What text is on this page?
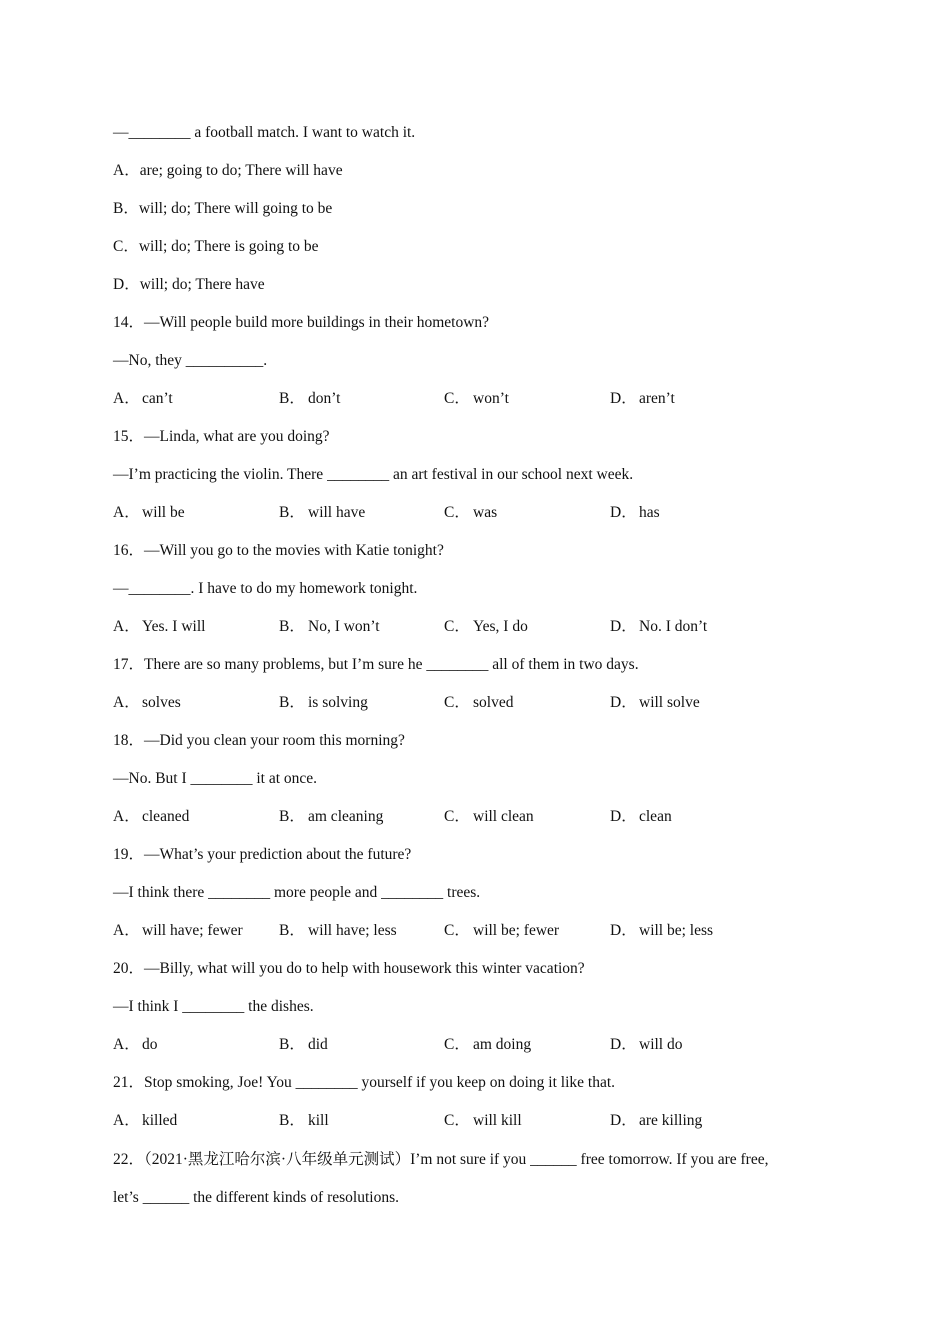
—________ a football match. I want to watch it.
A．are; going to do; There will have
B．will; do; There will going to be
C．will; do; There is going to be
D．will; do; There have
14．—Will people build more buildings in their hometown?
—No, they __________.
A． can’t	B． don’t	C． won’t	D． aren’t
15．—Linda, what are you doing?
—I’m practicing the violin. There ________ an art festival in our school next week.
A． will be	B． will have	C． was	D． has
16．—Will you go to the movies with Katie tonight?
—________. I have to do my homework tonight.
A． Yes. I will	B． No, I won’t	C． Yes, I do	D． No. I don’t
17．There are so many problems, but I’m sure he ________ all of them in two days.
A． solves	B． is solving	C． solved	D． will solve
18．—Did you clean your room this morning?
—No. But I ________ it at once.
A． cleaned	B． am cleaning	C． will clean	D． clean
19．—What’s your prediction about the future?
—I think there ________ more people and ________ trees.
A． will have; fewer B． will have; less	C． will be; fewer	D． will be; less
20．—Billy, what will you do to help with housework this winter vacation?
—I think I ________ the dishes.
A． do	B． did	C． am doing	D． will do
21．Stop smoking, Joe! You ________ yourself if you keep on doing it like that.
A． killed	B． kill	C． will kill	D． are killing
22．（2021·黑龙江哈尔滨·八年级单元测试）I’m not sure if you ______ free tomorrow. If you are free,
let’s ______ the different kinds of resolutions.
